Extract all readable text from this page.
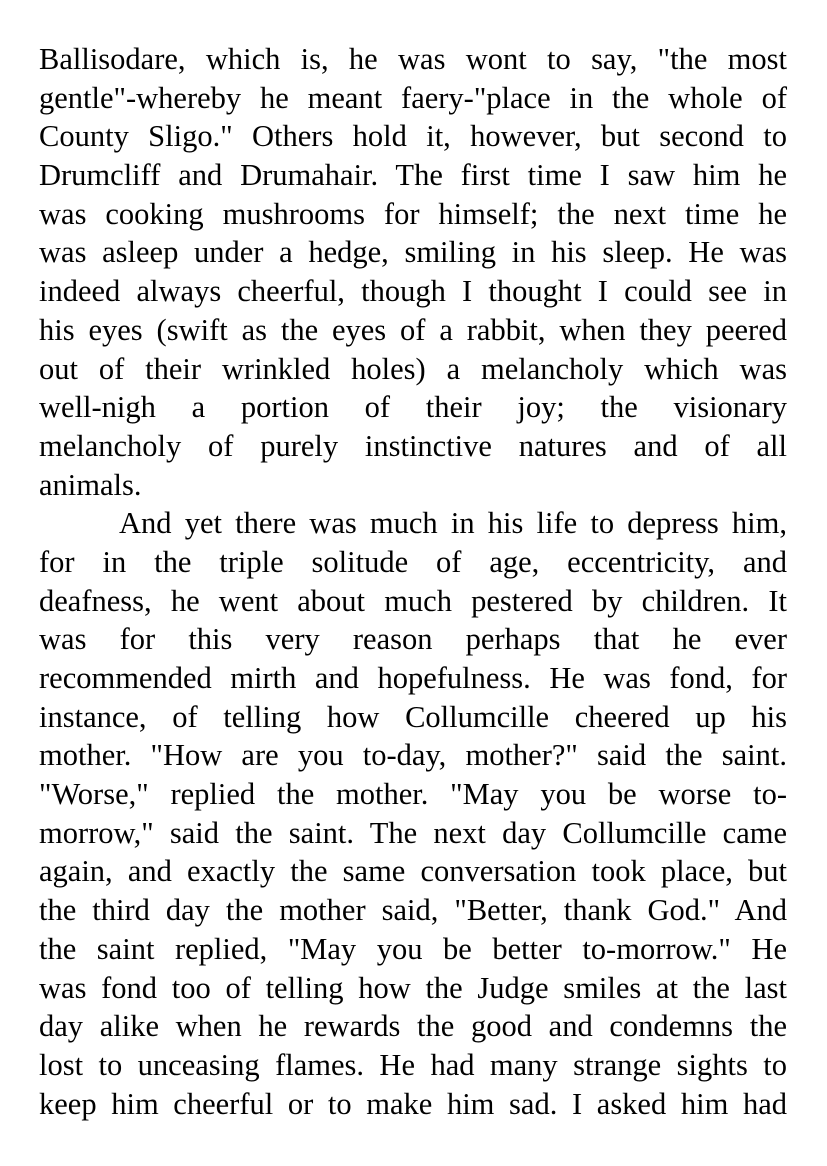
Ballisodare, which is, he was wont to say, "the most
gentle"-whereby he meant faery-"place in the whole of
County Sligo." Others hold it, however, but second to
Drumcliff and Drumahair. The first time I saw him he
was cooking mushrooms for himself; the next time he
was asleep under a hedge, smiling in his sleep. He was
indeed always cheerful, though I thought I could see in
his eyes (swift as the eyes of a rabbit, when they peered
out of their wrinkled holes) a melancholy which was
well-nigh a portion of their joy; the visionary
melancholy of purely instinctive natures and of all
animals.
And yet there was much in his life to depress him,
for in the triple solitude of age, eccentricity, and
deafness, he went about much pestered by children. It
was for this very reason perhaps that he ever
recommended mirth and hopefulness. He was fond, for
instance, of telling how Collumcille cheered up his
mother. "How are you to-day, mother?" said the saint.
"Worse," replied the mother. "May you be worse to-
morrow," said the saint. The next day Collumcille came
again, and exactly the same conversation took place, but
the third day the mother said, "Better, thank God." And
the saint replied, "May you be better to-morrow." He
was fond too of telling how the Judge smiles at the last
day alike when he rewards the good and condemns the
lost to unceasing flames. He had many strange sights to
keep him cheerful or to make him sad. I asked him had
